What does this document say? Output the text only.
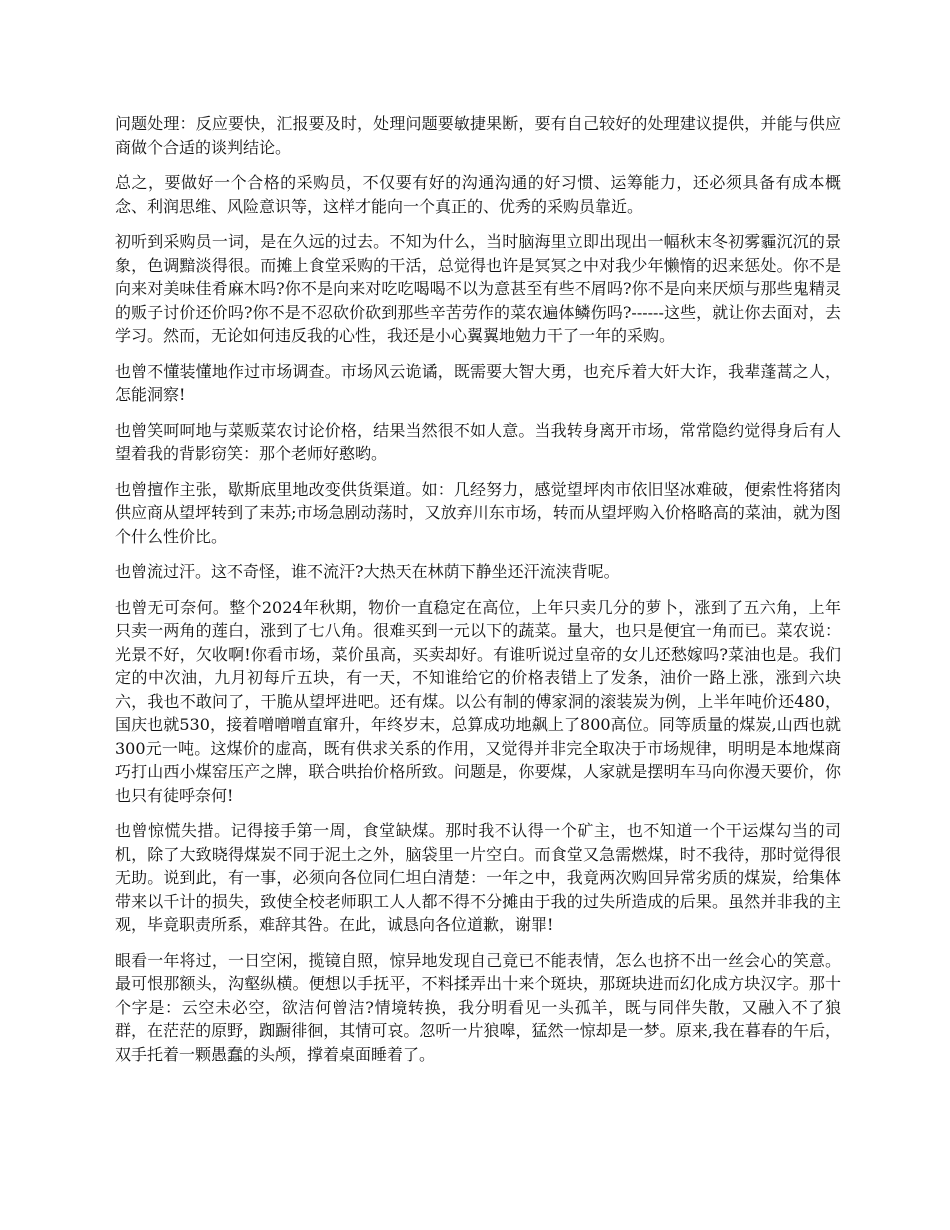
问题处理：反应要快，汇报要及时，处理问题要敏捷果断，要有自己较好的处理建议提供，并能与供应商做个合适的谈判结论。

总之，要做好一个合格的采购员，不仅要有好的沟通沟通的好习惯、运筹能力，还必须具备有成本概念、利润思维、风险意识等，这样才能向一个真正的、优秀的采购员靠近。

初听到采购员一词，是在久远的过去。不知为什么，当时脑海里立即出现出一幅秋末冬初雾霾沉沉的景象，色调黯淡得很。而摊上食堂采购的干活，总觉得也许是冥冥之中对我少年懒惰的迟来惩处。你不是向来对美味佳肴麻木吗?你不是向来对吃吃喝喝不以为意甚至有些不屑吗?你不是向来厌烦与那些鬼精灵的贩子讨价还价吗?你不是不忍砍价砍到那些辛苦劳作的菜农遍体鳞伤吗?------这些，就让你去面对，去学习。然而，无论如何违反我的心性，我还是小心翼翼地勉力干了一年的采购。

也曾不懂装懂地作过市场调查。市场风云诡谲，既需要大智大勇，也充斥着大奸大诈，我辈蓬蒿之人，怎能洞察!

也曾笑呵呵地与菜贩菜农讨论价格，结果当然很不如人意。当我转身离开市场，常常隐约觉得身后有人望着我的背影窃笑：那个老师好憨哟。

也曾擅作主张，歇斯底里地改变供货渠道。如：几经努力，感觉望坪肉市依旧坚冰难破，便索性将猪肉供应商从望坪转到了耒苏;市场急剧动荡时，又放弃川东市场，转而从望坪购入价格略高的菜油，就为图个什么性价比。

也曾流过汗。这不奇怪，谁不流汗?大热天在林荫下静坐还汗流浃背呢。

也曾无可奈何。整个2024年秋期，物价一直稳定在高位，上年只卖几分的萝卜，涨到了五六角，上年只卖一两角的莲白，涨到了七八角。很难买到一元以下的蔬菜。量大，也只是便宜一角而已。菜农说：光景不好，欠收啊!你看市场，菜价虽高，买卖却好。有谁听说过皇帝的女儿还愁嫁吗?菜油也是。我们定的中次油，九月初每斤五块，有一天，不知谁给它的价格表错上了发条，油价一路上涨，涨到六块六，我也不敢问了，干脆从望坪进吧。还有煤。以公有制的傅家洞的滚装炭为例，上半年吨价还480，国庆也就530，接着噌噌噌直窜升，年终岁末，总算成功地飙上了800高位。同等质量的煤炭,山西也就300元一吨。这煤价的虚高，既有供求关系的作用，又觉得并非完全取决于市场规律，明明是本地煤商巧打山西小煤窑压产之牌，联合哄抬价格所致。问题是，你要煤，人家就是摆明车马向你漫天要价，你也只有徒呼奈何!

也曾惊慌失措。记得接手第一周，食堂缺煤。那时我不认得一个矿主，也不知道一个干运煤勾当的司机，除了大致晓得煤炭不同于泥土之外，脑袋里一片空白。而食堂又急需燃煤，时不我待，那时觉得很无助。说到此，有一事，必须向各位同仁坦白清楚：一年之中，我竟两次购回异常劣质的煤炭，给集体带来以千计的损失，致使全校老师职工人人都不得不分摊由于我的过失所造成的后果。虽然并非我的主观，毕竟职责所系，难辞其咎。在此，诚恳向各位道歉，谢罪!

眼看一年将过，一日空闲，揽镜自照，惊异地发现自己竟已不能表情，怎么也挤不出一丝会心的笑意。最可恨那额头，沟壑纵横。便想以手抚平，不料揉弄出十来个斑块，那斑块进而幻化成方块汉字。那十个字是：云空未必空，欲洁何曾洁?情境转换，我分明看见一头孤羊，既与同伴失散，又融入不了狼群，在茫茫的原野，踟蹰徘徊，其情可哀。忽听一片狼嗥，猛然一惊却是一梦。原来,我在暮春的午后，双手托着一颗愚蠢的头颅，撑着桌面睡着了。
